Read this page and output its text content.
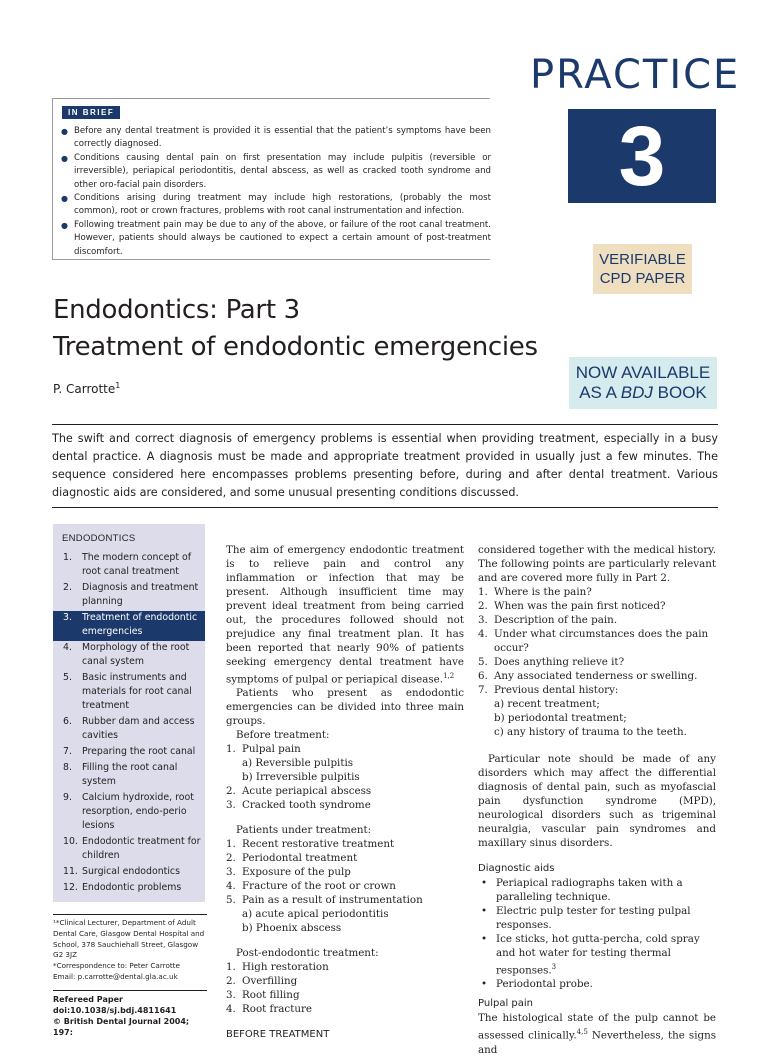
PRACTICE
3
VERIFIABLE
CPD PAPER
NOW AVAILABLE
AS A BDJ BOOK
IN BRIEF
● Before any dental treatment is provided it is essential that the patient’s symptoms have been correctly diagnosed.
● Conditions causing dental pain on first presentation may include pulpitis (reversible or irreversible), periapical periodontitis, dental abscess, as well as cracked tooth syndrome and other oro-facial pain disorders.
● Conditions arising during treatment may include high restorations, (probably the most common), root or crown fractures, problems with root canal instrumentation and infection.
● Following treatment pain may be due to any of the above, or failure of the root canal treatment. However, patients should always be cautioned to expect a certain amount of post-treatment discomfort.
Endodontics: Part 3
Treatment of endodontic emergencies
P. Carrotte$^1$

The swift and correct diagnosis of emergency problems is essential when providing treatment, especially in a busy dental practice. A diagnosis must be made and appropriate treatment provided in usually just a few minutes. The sequence considered here encompasses problems presenting before, during and after dental treatment. Various diagnostic aids are considered, and some unusual presenting conditions discussed.

ENDODONTICS
1. The modern concept of root canal treatment
2. Diagnosis and treatment planning
3. Treatment of endodontic emergencies
4. Morphology of the root canal system
5. Basic instruments and materials for root canal treatment
6. Rubber dam and access cavities
7. Preparing the root canal
8. Filling the root canal system
9. Calcium hydroxide, root resorption, endo-perio lesions
10. Endodontic treatment for children
11. Surgical endodontics
12. Endodontic problems
¹*Clinical Lecturer, Department of Adult Dental Care, Glasgow Dental Hospital and School, 378 Sauchiehall Street, Glasgow G2 3JZ
*Correspondence to: Peter Carrotte
Email: p.carrotte@dental.gla.ac.uk
Refereed Paper
doi:10.1038/sj.bdj.4811641
© British Dental Journal 2004; 197:

The aim of emergency endodontic treatment is to relieve pain and control any inflammation or infection that may be present. Although insufficient time may prevent ideal treatment from being carried out, the procedures followed should not prejudice any final treatment plan. It has been reported that nearly 90% of patients seeking emergency dental treatment have symptoms of pulpal or periapical disease.$^{1,2}$

Patients who present as endodontic emergencies can be divided into three main groups.

Before treatment:
1. Pulpal pain
a) Reversible pulpitis
b) Irreversible pulpitis
2. Acute periapical abscess
3. Cracked tooth syndrome
Patients under treatment:
1. Recent restorative treatment
2. Periodontal treatment
3. Exposure of the pulp
4. Fracture of the root or crown
5. Pain as a result of instrumentation
a) acute apical periodontitis
b) Phoenix abscess
Post-endodontic treatment:
1. High restoration
2. Overfilling
3. Root filling
4. Root fracture
BEFORE TREATMENT

considered together with the medical history. The following points are particularly relevant and are covered more fully in Part 2.

1. Where is the pain?
2. When was the pain first noticed?
3. Description of the pain.
4. Under what circumstances does the pain occur?
5. Does anything relieve it?
6. Any associated tenderness or swelling.
7. Previous dental history:
a) recent treatment;
b) periodontal treatment;
c) any history of trauma to the teeth.

Particular note should be made of any disorders which may affect the differential diagnosis of dental pain, such as myofascial pain dysfunction syndrome (MPD), neurological disorders such as trigeminal neuralgia, vascular pain syndromes and maxillary sinus disorders.

Diagnostic aids
• Periapical radiographs taken with a paralleling technique.
• Electric pulp tester for testing pulpal responses.
• Ice sticks, hot gutta-percha, cold spray and hot water for testing thermal responses.$^3$
• Periodontal probe.
Pulpal pain

The histological state of the pulp cannot be assessed clinically.$^{4,5}$ Nevertheless, the signs and
